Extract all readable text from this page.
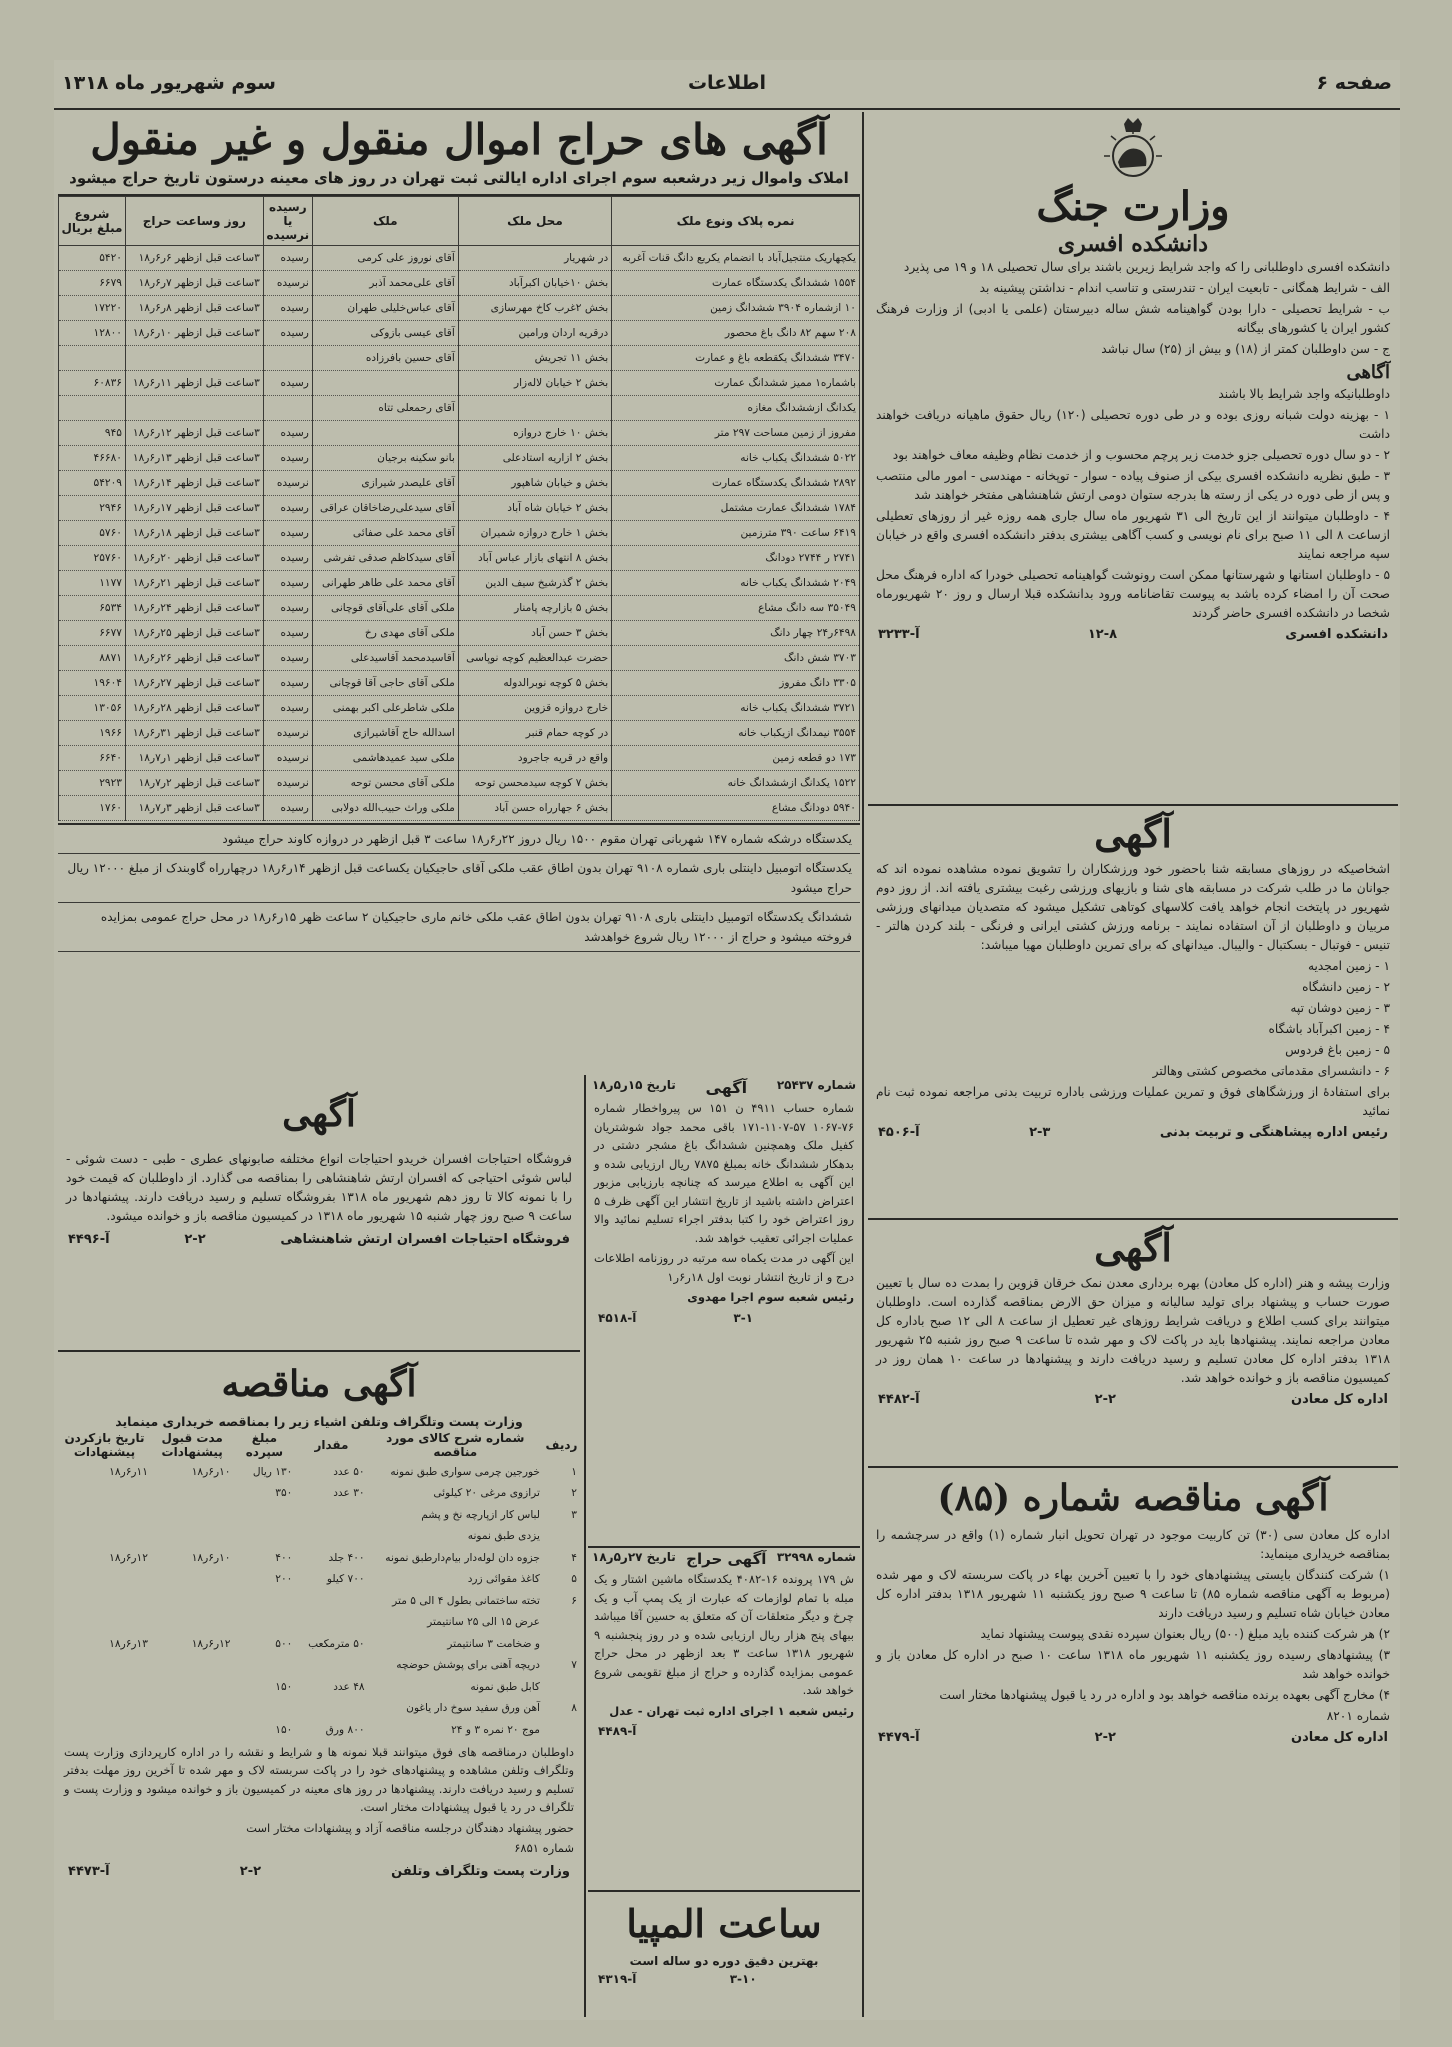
صفحه ۶
اطلاعات
سوم شهریور ماه ۱۳۱۸
آگهی های حراج اموال منقول و غیر منقول
املاک واموال زیر درشعبه سوم اجرای اداره ایالتی ثبت تهران در روز های معینه درستون تاریخ حراج میشود
نمره پلاک ونوع ملک	محل ملک	ملک	رسیده یا نرسیده	روز وساعت حراج	شروع مبلغ بریال
یکچهاریک منتجیل‌آباد با انضمام یکربع دانگ قنات آغربه	در شهریار	آقای نوروز علی کرمی	رسیده	۳ساعت قبل ازظهر ۶ر۶ر۱۸	۵۴۲۰
۱۵۵۴ ششدانگ یکدستگاه عمارت	بخش ۱۰خیابان اکبرآباد	آقای علی‌محمد آذبر	نرسیده	۳ساعت قبل ازظهر ۷ر۶ر۱۸	۶۶۷۹
۱۰ ازشماره ۳۹۰۴ ششدانگ زمین	بخش ۲غرب کاخ مهرسازی	آقای عباس‌خلیلی طهران	رسیده	۳ساعت قبل ازظهر ۸ر۶ر۱۸	۱۷۲۲۰
۲۰۸ سهم ۸۲ دانگ باغ محصور	درقریه اردان ورامین	آقای عیسی بازوکی	رسیده	۳ساعت قبل ازظهر ۱۰ر۶ر۱۸	۱۲۸۰۰
۳۴۷۰ ششدانگ یکقطعه باغ و عمارت	بخش ۱۱ تجریش	آقای حسین بافرزاده			
باشماره۱ ممیز ششدانگ عمارت	بخش ۲ خیابان لاله‌زار		رسیده	۳ساعت قبل ازظهر ۱۱ر۶ر۱۸	۶۰۸۳۶
یکدانگ ازششدانگ مغازه		آقای رحمعلی تتاه			
مفروز از زمین مساحت ۲۹۷ متر	بخش ۱۰ خارج دروازه		رسیده	۳ساعت قبل ازظهر ۱۲ر۶ر۱۸	۹۴۵
۵۰۲۲ ششدانگ یکباب خانه	بخش ۲ ازاریه استادعلی	بانو سکینه برجیان	رسیده	۳ساعت قبل ازظهر ۱۳ر۶ر۱۸	۴۶۶۸۰
۲۸۹۲ ششدانگ یکدستگاه عمارت	بخش و خیابان شاهپور	آقای علیصدر شیرازی	نرسیده	۳ساعت قبل ازظهر ۱۴ر۶ر۱۸	۵۴۲۰۹
۱۷۸۴ ششدانگ عمارت مشتمل	بخش ۲ خیابان شاه آباد	آقای سیدعلی‌رضاخاقان عراقی	رسیده	۳ساعت قبل ازظهر ۱۷ر۶ر۱۸	۲۹۴۶
۶۴۱۹ ساعت ۳۹۰ مترزمین	بخش ۱ خارج دروازه شمیران	آقای محمد علی صفائی	رسیده	۳ساعت قبل ازظهر ۱۸ر۶ر۱۸	۵۷۶۰
۲۷۴۱ ر ۲۷۴۴ دودانگ	بخش ۸ انتهای بازار عباس آباد	آقای سیدکاظم صدقی تفرشی	رسیده	۳ساعت قبل ازظهر ۲۰ر۶ر۱۸	۲۵۷۶۰
۲۰۴۹ ششدانگ یکباب خانه	بخش ۲ گذرشیخ سیف الدین	آقای محمد علی طاهر طهرانی	رسیده	۳ساعت قبل ازظهر ۲۱ر۶ر۱۸	۱۱۷۷
۳۵۰۴۹ سه دانگ مشاع	بخش ۵ بازارچه پامنار	ملکی آقای علی‌آقای قوچانی	رسیده	۳ساعت قبل ازظهر ۲۴ر۶ر۱۸	۶۵۳۴
۶۴۹۸ر۲۴ چهار دانگ	بخش ۳ حسن آباد	ملکی آقای مهدی رخ	رسیده	۳ساعت قبل ازظهر ۲۵ر۶ر۱۸	۶۶۷۷
۳۷۰۳ شش دانگ	حضرت عبدالعظیم کوچه نوپاسی	آقاسیدمحمد آقاسیدعلی	رسیده	۳ساعت قبل ازظهر ۲۶ر۶ر۱۸	۸۸۷۱
۳۳۰۵ دانگ مفروز	بخش ۵ کوچه نوبرالدوله	ملکی آقای حاجی آقا قوچانی	رسیده	۳ساعت قبل ازظهر ۲۷ر۶ر۱۸	۱۹۶۰۴
۳۷۲۱ ششدانگ یکباب خانه	خارج دروازه قزوین	ملکی شاطرعلی اکبر بهمنی	رسیده	۳ساعت قبل ازظهر ۲۸ر۶ر۱۸	۱۳۰۵۶
۳۵۵۴ نیمدانگ ازیکباب خانه	در کوچه حمام قنبر	اسدالله حاج آقاشیرازی	نرسیده	۳ساعت قبل ازظهر ۳۱ر۶ر۱۸	۱۹۶۶
۱۷۳ دو قطعه زمین	واقع در قریه جاجرود	ملکی سید عمیدهاشمی	نرسیده	۳ساعت قبل ازظهر ۱ر۷ر۱۸	۶۶۴۰
۱۵۲۲ یکدانگ ازششدانگ خانه	بخش ۷ کوچه سیدمحسن توحه	ملکی آقای محسن توحه	نرسیده	۳ساعت قبل ازظهر ۲ر۷ر۱۸	۲۹۲۳
۵۹۴۰ دودانگ مشاع	بخش ۶ جهارراه حسن آباد	ملکی وراث حبیب‌الله دولابی	رسیده	۳ساعت قبل ازظهر ۳ر۷ر۱۸	۱۷۶۰
یکدستگاه درشکه شماره ۱۴۷ شهربانی تهران مقوم ۱۵۰۰ ریال دروز ۲۲ر۶ر۱۸ ساعت ۳ قبل ازظهر در دروازه کاوند حراج میشود
یکدستگاه اتومبیل داینتلی باری شماره ۹۱۰۸ تهران بدون اطاق عقب ملکی آقای حاجیکیان یکساعت قبل ازظهر ۱۴ر۶ر۱۸ درچهارراه گاوبندک از مبلغ ۱۲۰۰۰ ریال حراج میشود
ششدانگ یکدستگاه اتومبیل داینتلی باری ۹۱۰۸ تهران بدون اطاق عقب ملکی خانم ماری حاجیکیان ۲ ساعت ظهر ۱۵ر۶ر۱۸ در محل حراج عمومی بمزایده فروخته میشود و حراج از ۱۲۰۰۰ ریال شروع خواهدشد
وزارت جنگ
دانشکده افسری

دانشکده افسری داوطلبانی را که واجد شرایط زیرین باشند برای سال تحصیلی ۱۸ و ۱۹ می پذیرد

الف - شرایط همگانی - تابعیت ایران - تندرستی و تناسب اندام - نداشتن پیشینه بد

ب - شرایط تحصیلی - دارا بودن گواهینامه شش ساله دبیرستان (علمی یا ادبی) از وزارت فرهنگ کشور ایران یا کشورهای بیگانه

ج - سن داوطلبان کمتر از (۱۸) و بیش از (۲۵) سال نباشد

آگاهی

داوطلبانیکه واجد شرایط بالا باشند

۱ - بهزینه دولت شبانه روزی بوده و در طی دوره تحصیلی (۱۲۰) ریال حقوق ماهیانه دریافت خواهند داشت

۲ - دو سال دوره تحصیلی جزو خدمت زیر پرچم محسوب و از خدمت نظام وظیفه معاف خواهند بود

۳ - طبق نظریه دانشکده افسری بیکی از صنوف پیاده - سوار - توپخانه - مهندسی - امور مالی منتصب و پس از طی دوره در یکی از رسته ها بدرجه ستوان دومی ارتش شاهنشاهی مفتخر خواهند شد

۴ - داوطلبان میتوانند از این تاریخ الی ۳۱ شهریور ماه سال جاری همه روزه غیر از روزهای تعطیلی ازساعت ۸ الی ۱۱ صبح برای نام نویسی و کسب آگاهی بیشتری بدفتر دانشکده افسری واقع در خیابان سپه مراجعه نمایند

۵ - داوطلبان استانها و شهرستانها ممکن است رونوشت گواهینامه تحصیلی خودرا که اداره فرهنگ محل صحت آن را امضاء کرده باشد به پیوست تقاضانامه ورود بدانشکده قبلا ارسال و روز ۲۰ شهریورماه شخصا در دانشکده افسری حاضر گردند

دانشکده افسری
۱۲-۸
آ-۳۲۳۳
آگهی

اشخاصیکه در روزهای مسابقه شنا باحضور خود ورزشکاران را تشویق نموده مشاهده نموده اند که جوانان ما در طلب شرکت در مسابقه های شنا و بازیهای ورزشی رغبت بیشتری یافته اند. از روز دوم شهریور در پایتخت انجام خواهد یافت کلاسهای کوتاهی تشکیل میشود که متصدیان میدانهای ورزشی مربیان و داوطلبان از آن استفاده نمایند - برنامه ورزش کشتی ایرانی و فرنگی - بلند کردن هالتر - تنیس - فوتبال - بسکتبال - والیبال. میدانهای که برای تمرین داوطلبان مهیا میباشد:

۱ - زمین امجدیه

۲ - زمین دانشگاه

۳ - زمین دوشان تپه

۴ - زمین اکبرآباد باشگاه

۵ - زمین باغ فردوس

۶ - دانشسرای مقدماتی مخصوص کشتی وهالتر

برای استفادهٔ از ورزشگاهای فوق و تمرین عملیات ورزشی باداره تربیت بدنی مراجعه نموده ثبت نام نمائید

رئیس اداره پیشاهنگی و تربیت بدنی
۲-۳
آ-۴۵۰۶
آگهی

وزارت پیشه و هنر (اداره کل معادن) بهره برداری معدن نمک خرقان قزوین را بمدت ده سال با تعیین صورت حساب و پیشنهاد برای تولید سالیانه و میزان حق الارض بمناقصه گذارده است. داوطلبان میتوانند برای کسب اطلاع و دریافت شرایط روزهای غیر تعطیل از ساعت ۸ الی ۱۲ صبح باداره کل معادن مراجعه نمایند. پیشنهادها باید در پاکت لاک و مهر شده تا ساعت ۹ صبح روز شنبه ۲۵ شهریور ۱۳۱۸ بدفتر اداره کل معادن تسلیم و رسید دریافت دارند و پیشنهادها در ساعت ۱۰ همان روز در کمیسیون مناقصه باز و خوانده خواهد شد.

اداره کل معادن
۲-۲
آ-۴۴۸۲
آگهی مناقصه شماره (۸۵)

اداره کل معادن سی (۳۰) تن کاربیت موجود در تهران تحویل انبار شماره (۱) واقع در سرچشمه را بمناقصه خریداری مینماید:

۱) شرکت کنندگان بایستی پیشنهادهای خود را با تعیین آخرین بهاء در پاکت سربسته لاک و مهر شده (مربوط به آگهی مناقصه شماره ۸۵) تا ساعت ۹ صبح روز یکشنبه ۱۱ شهریور ۱۳۱۸ بدفتر اداره کل معادن خیابان شاه تسلیم و رسید دریافت دارند

۲) هر شرکت کننده باید مبلغ (۵۰۰) ریال بعنوان سپرده نقدی پیوست پیشنهاد نماید

۳) پیشنهادهای رسیده روز یکشنبه ۱۱ شهریور ماه ۱۳۱۸ ساعت ۱۰ صبح در اداره کل معادن باز و خوانده خواهد شد

۴) مخارج آگهی بعهده برنده مناقصه خواهد بود و اداره در رد یا قبول پیشنهادها مختار است

شماره ۸۲۰۱

اداره کل معادن
۲-۲
آ-۴۴۷۹
شماره ۲۵۴۳۷
آگهی
تاریخ ۱۵ر۵ر۱۸

شماره حساب ۴۹۱۱ ن ۱۵۱ س پیرواخطار شماره ۷۶-۱۰۶۷ ۵۷-۱۱۰۷-۱۷۱ باقی محمد جواد شوشتریان کفیل ملک وهمچنین ششدانگ باغ مشجر دشتی در بدهکار ششدانگ خانه بمبلغ ۷۸۷۵ ریال ارزیابی شده و این آگهی به اطلاع میرسد که چنانچه بارزیابی مزبور اعتراض داشته باشید از تاریخ انتشار این آگهی ظرف ۵ روز اعتراض خود را کتبا بدفتر اجراء تسلیم نمائید والا عملیات اجرائی تعقیب خواهد شد.

این آگهی در مدت یکماه سه مرتبه در روزنامه اطلاعات درج و از تاریخ انتشار نوبت اول ۱۸ر۶ر۱

رئیس شعبه سوم اجرا مهدوی

۳-۱
آ-۴۵۱۸
شماره ۳۲۹۹۸
آگهی حراج
تاریخ ۲۷ر۵ر۱۸

ش ۱۷۹ پرونده ۱۶-۴۰۸۲ یکدستگاه ماشین اشتار و یک مبله با تمام لوازمات که عبارت از یک پمپ آب و یک چرخ و دیگر متعلقات آن که متعلق به حسین آقا میباشد ببهای پنج هزار ریال ارزیابی شده و در روز پنجشنبه ۹ شهریور ۱۳۱۸ ساعت ۳ بعد ازظهر در محل حراج عمومی بمزایده گذارده و حراج از مبلغ تقویمی شروع خواهد شد.

رئیس شعبه ۱ اجرای اداره ثبت تهران - عدل

آ-۴۴۸۹
ساعت المپیا
بهترین دقیق دوره دو ساله است
۳-۱۰
آ-۴۳۱۹
آگهی

فروشگاه احتیاجات افسران خریدو احتیاجات انواع مختلفه صابونهای عطری - طبی - دست شوئی - لباس شوئی احتیاجی که افسران ارتش شاهنشاهی را بمناقصه می گذارد. از داوطلبان که قیمت خود را با نمونه کالا تا روز دهم شهریور ماه ۱۳۱۸ بفروشگاه تسلیم و رسید دریافت دارند. پیشنهادها در ساعت ۹ صبح روز چهار شنبه ۱۵ شهریور ماه ۱۳۱۸ در کمیسیون مناقصه باز و خوانده میشود.

فروشگاه احتیاجات افسران ارتش شاهنشاهی
۲-۲
آ-۴۴۹۶
آگهی مناقصه
وزارت پست وتلگراف وتلفن اشیاء زیر را بمناقصه خریداری مینماید
ردیف	شماره شرح کالای مورد مناقصه	مقدار	مبلغ سپرده	مدت قبول پیشنهادات	تاریخ بازکردن پیشنهادات
۱	خورجین چرمی سواری طبق نمونه	۵۰ عدد	۱۳۰ ریال	۱۰ر۶ر۱۸	۱۱ر۶ر۱۸
۲	ترازوی مرغی ۲۰ کیلوئی	۳۰ عدد	۳۵۰		
۳	لباس کار ازپارچه نخ و پشم				
	یزدی طبق نمونه				
۴	جزوه دان لوله‌دار بیام‌دارطبق نمونه	۴۰۰ جلد	۴۰۰	۱۰ر۶ر۱۸	۱۲ر۶ر۱۸
۵	کاغذ مقوائی زرد	۷۰۰ کیلو	۲۰۰		
۶	تخته ساختمانی بطول ۴ الی ۵ متر				
	عرض ۱۵ الی ۲۵ سانتیمتر				
	و ضخامت ۳ سانتیمتر	۵۰ مترمکعب	۵۰۰	۱۲ر۶ر۱۸	۱۳ر۶ر۱۸
۷	دریچه آهنی برای پوشش حوضچه				
	کابل طبق نمونه	۴۸ عدد	۱۵۰		
۸	آهن ورق سفید سوخ دار یاغون				
	موج ۲۰ نمره ۳ و ۲۴	۸۰۰ ورق	۱۵۰		

داوطلبان درمناقصه های فوق میتوانند قبلا نمونه ها و شرایط و نقشه را در اداره کارپردازی وزارت پست وتلگراف وتلفن مشاهده و پیشنهادهای خود را در پاکت سربسته لاک و مهر شده تا آخرین روز مهلت بدفتر تسلیم و رسید دریافت دارند. پیشنهادها در روز های معینه در کمیسیون باز و خوانده میشود و وزارت پست و تلگراف در رد یا قبول پیشنهادات مختار است.

حضور پیشنهاد دهندگان درجلسه مناقصه آزاد و پیشنهادات مختار است

شماره ۶۸۵۱

وزارت پست وتلگراف وتلفن
۲-۲
آ-۴۴۷۳
